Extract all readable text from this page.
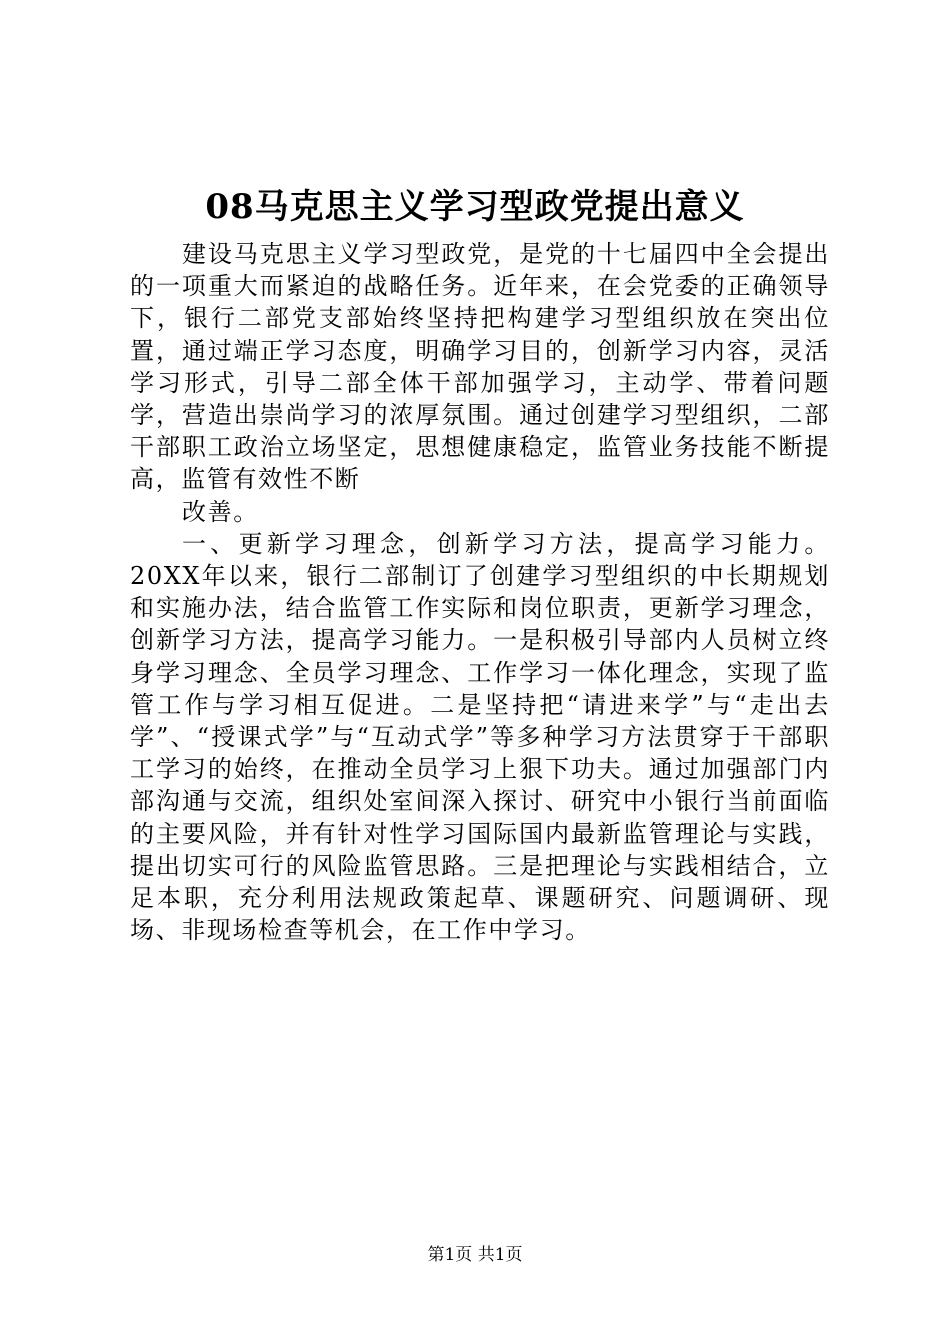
08马克思主义学习型政党提出意义

建设马克思主义学习型政党，是党的十七届四中全会提出的一项重大而紧迫的战略任务。近年来，在会党委的正确领导下，银行二部党支部始终坚持把构建学习型组织放在突出位置，通过端正学习态度，明确学习目的，创新学习内容，灵活学习形式，引导二部全体干部加强学习，主动学、带着问题学，营造出崇尚学习的浓厚氛围。通过创建学习型组织，二部干部职工政治立场坚定，思想健康稳定，监管业务技能不断提高，监管有效性不断

改善。

一、更新学习理念，创新学习方法，提高学习能力。20XX年以来，银行二部制订了创建学习型组织的中长期规划和实施办法，结合监管工作实际和岗位职责，更新学习理念，创新学习方法，提高学习能力。一是积极引导部内人员树立终身学习理念、全员学习理念、工作学习一体化理念，实现了监管工作与学习相互促进。二是坚持把“请进来学”与“走出去学”、“授课式学”与“互动式学”等多种学习方法贯穿于干部职工学习的始终，在推动全员学习上狠下功夫。通过加强部门内部沟通与交流，组织处室间深入探讨、研究中小银行当前面临的主要风险，并有针对性学习国际国内最新监管理论与实践，提出切实可行的风险监管思路。三是把理论与实践相结合，立足本职，充分利用法规政策起草、课题研究、问题调研、现场、非现场检查等机会，在工作中学习。

第1页 共1页
